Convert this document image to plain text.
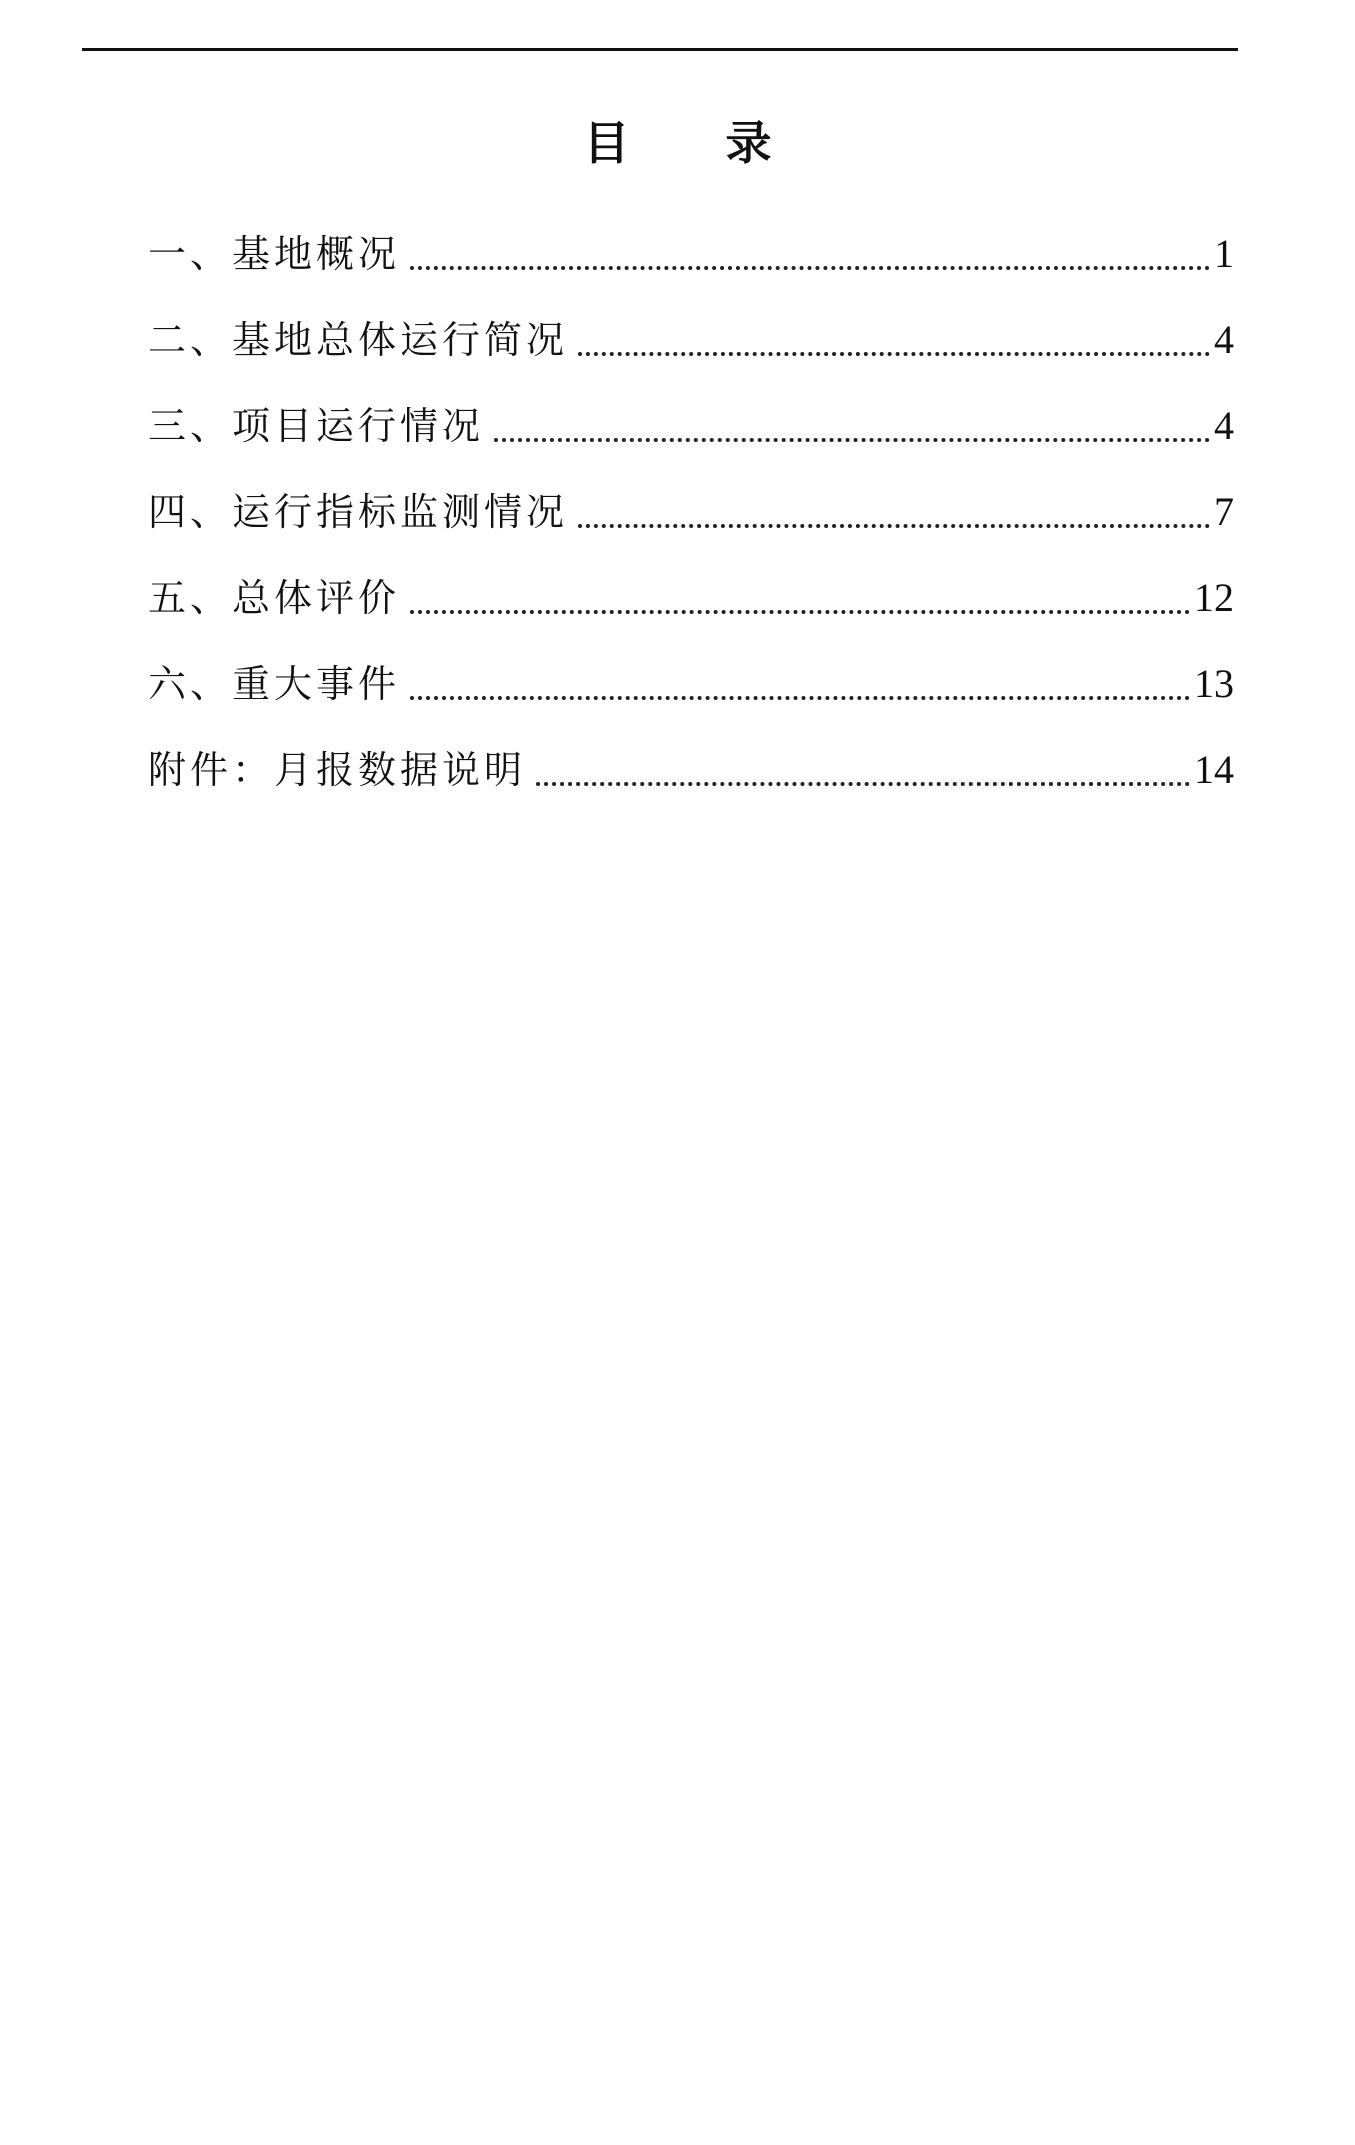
目 录
一、基地概况	1
二、基地总体运行简况	4
三、项目运行情况	4
四、运行指标监测情况	7
五、总体评价	12
六、重大事件	13
附件：月报数据说明	14
